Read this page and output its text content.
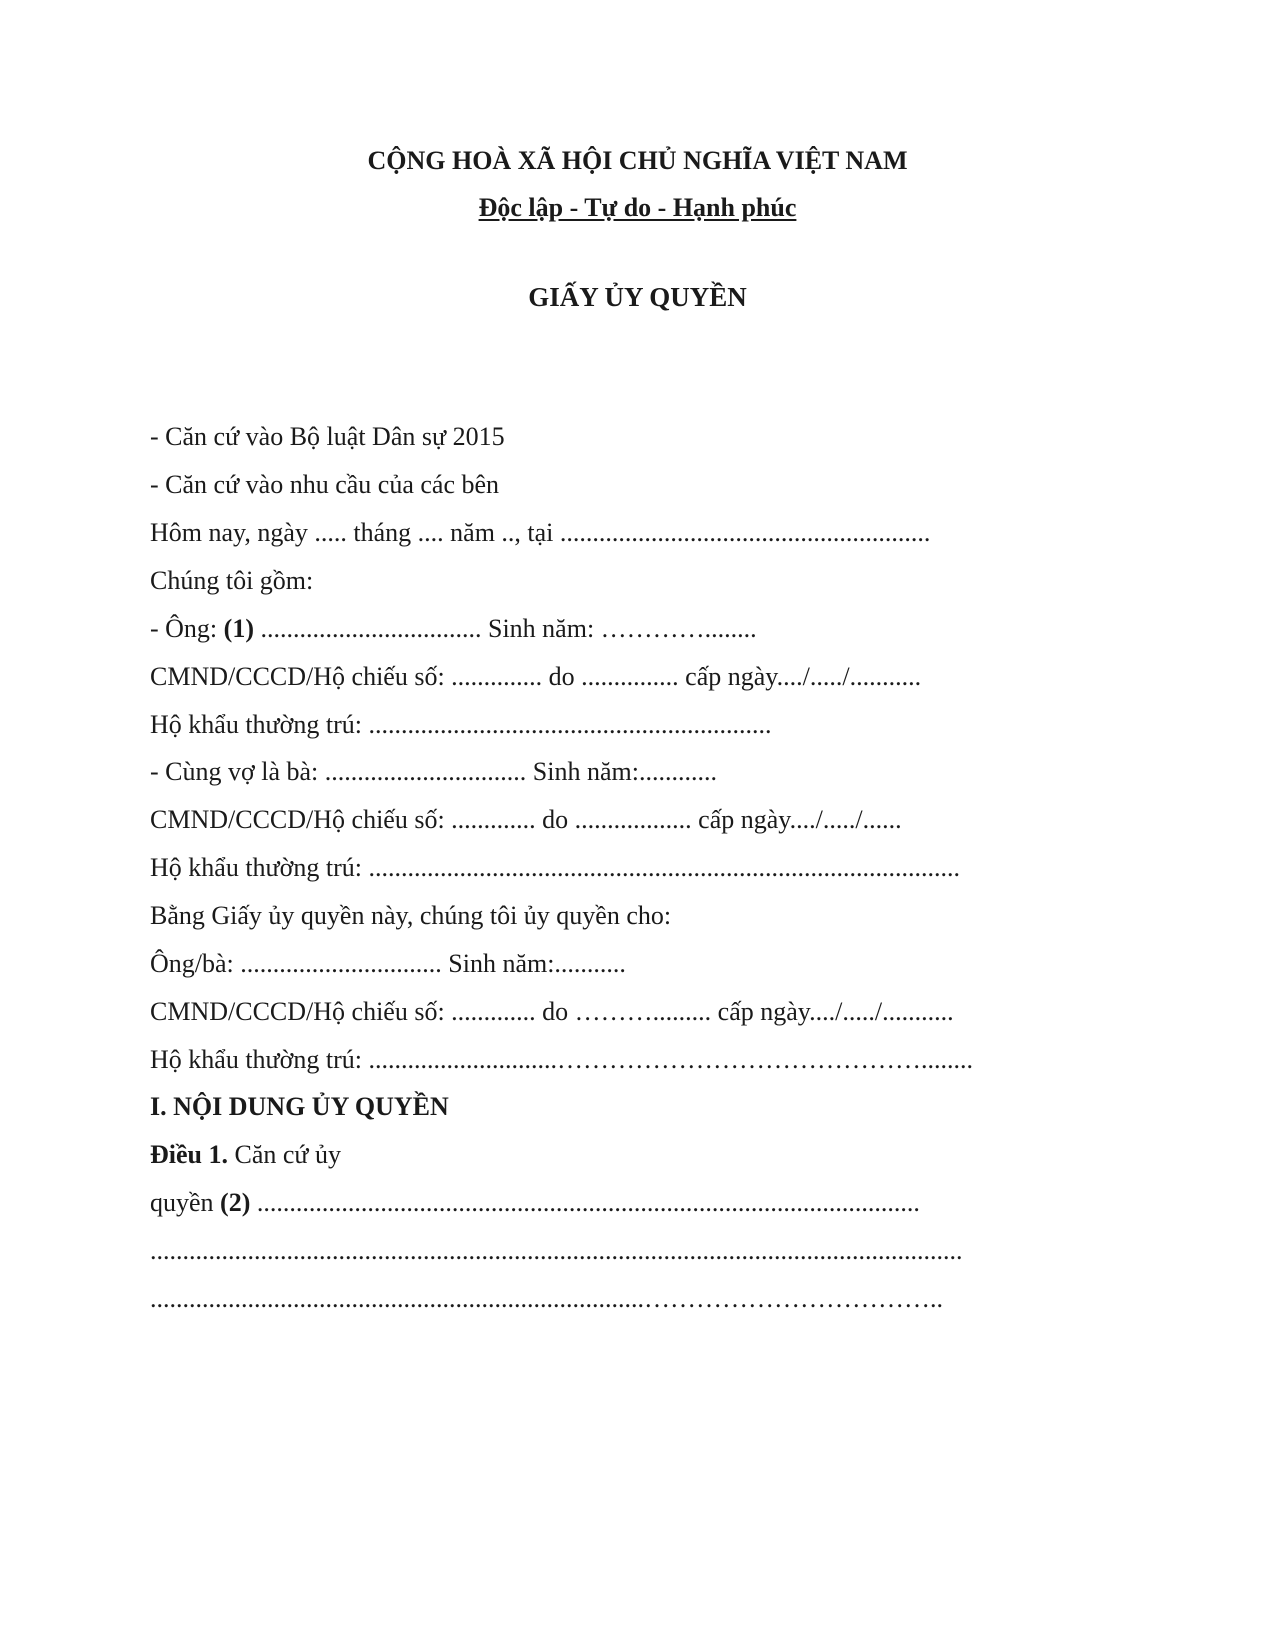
CỘNG HOÀ XÃ HỘI CHỦ NGHĨA VIỆT NAM
Độc lập - Tự do - Hạnh phúc
GIẤY ỦY QUYỀN
- Căn cứ vào Bộ luật Dân sự 2015
- Căn cứ vào nhu cầu của các bên
Hôm nay, ngày ..... tháng .... năm .., tại .........................................................
Chúng tôi gồm:
- Ông: (1) .................................. Sinh năm: …………........
CMND/CCCD/Hộ chiếu số: .............. do ............... cấp ngày..../...../...........
Hộ khẩu thường trú: ..............................................................
- Cùng vợ là bà: ............................... Sinh năm:............
CMND/CCCD/Hộ chiếu số: ............. do .................. cấp ngày..../...../......
Hộ khẩu thường trú: ...........................................................................................
Bằng Giấy ủy quyền này, chúng tôi ủy quyền cho:
Ông/bà: ............................... Sinh năm:...........
CMND/CCCD/Hộ chiếu số: ............. do ………......... cấp ngày..../...../...........
Hộ khẩu thường trú: .............................……………………………………........
I. NỘI DUNG ỦY QUYỀN
Điều 1. Căn cứ ủy
quyền (2) ......................................................................................................
.............................................................................................................................
............................................................................……………………………..
